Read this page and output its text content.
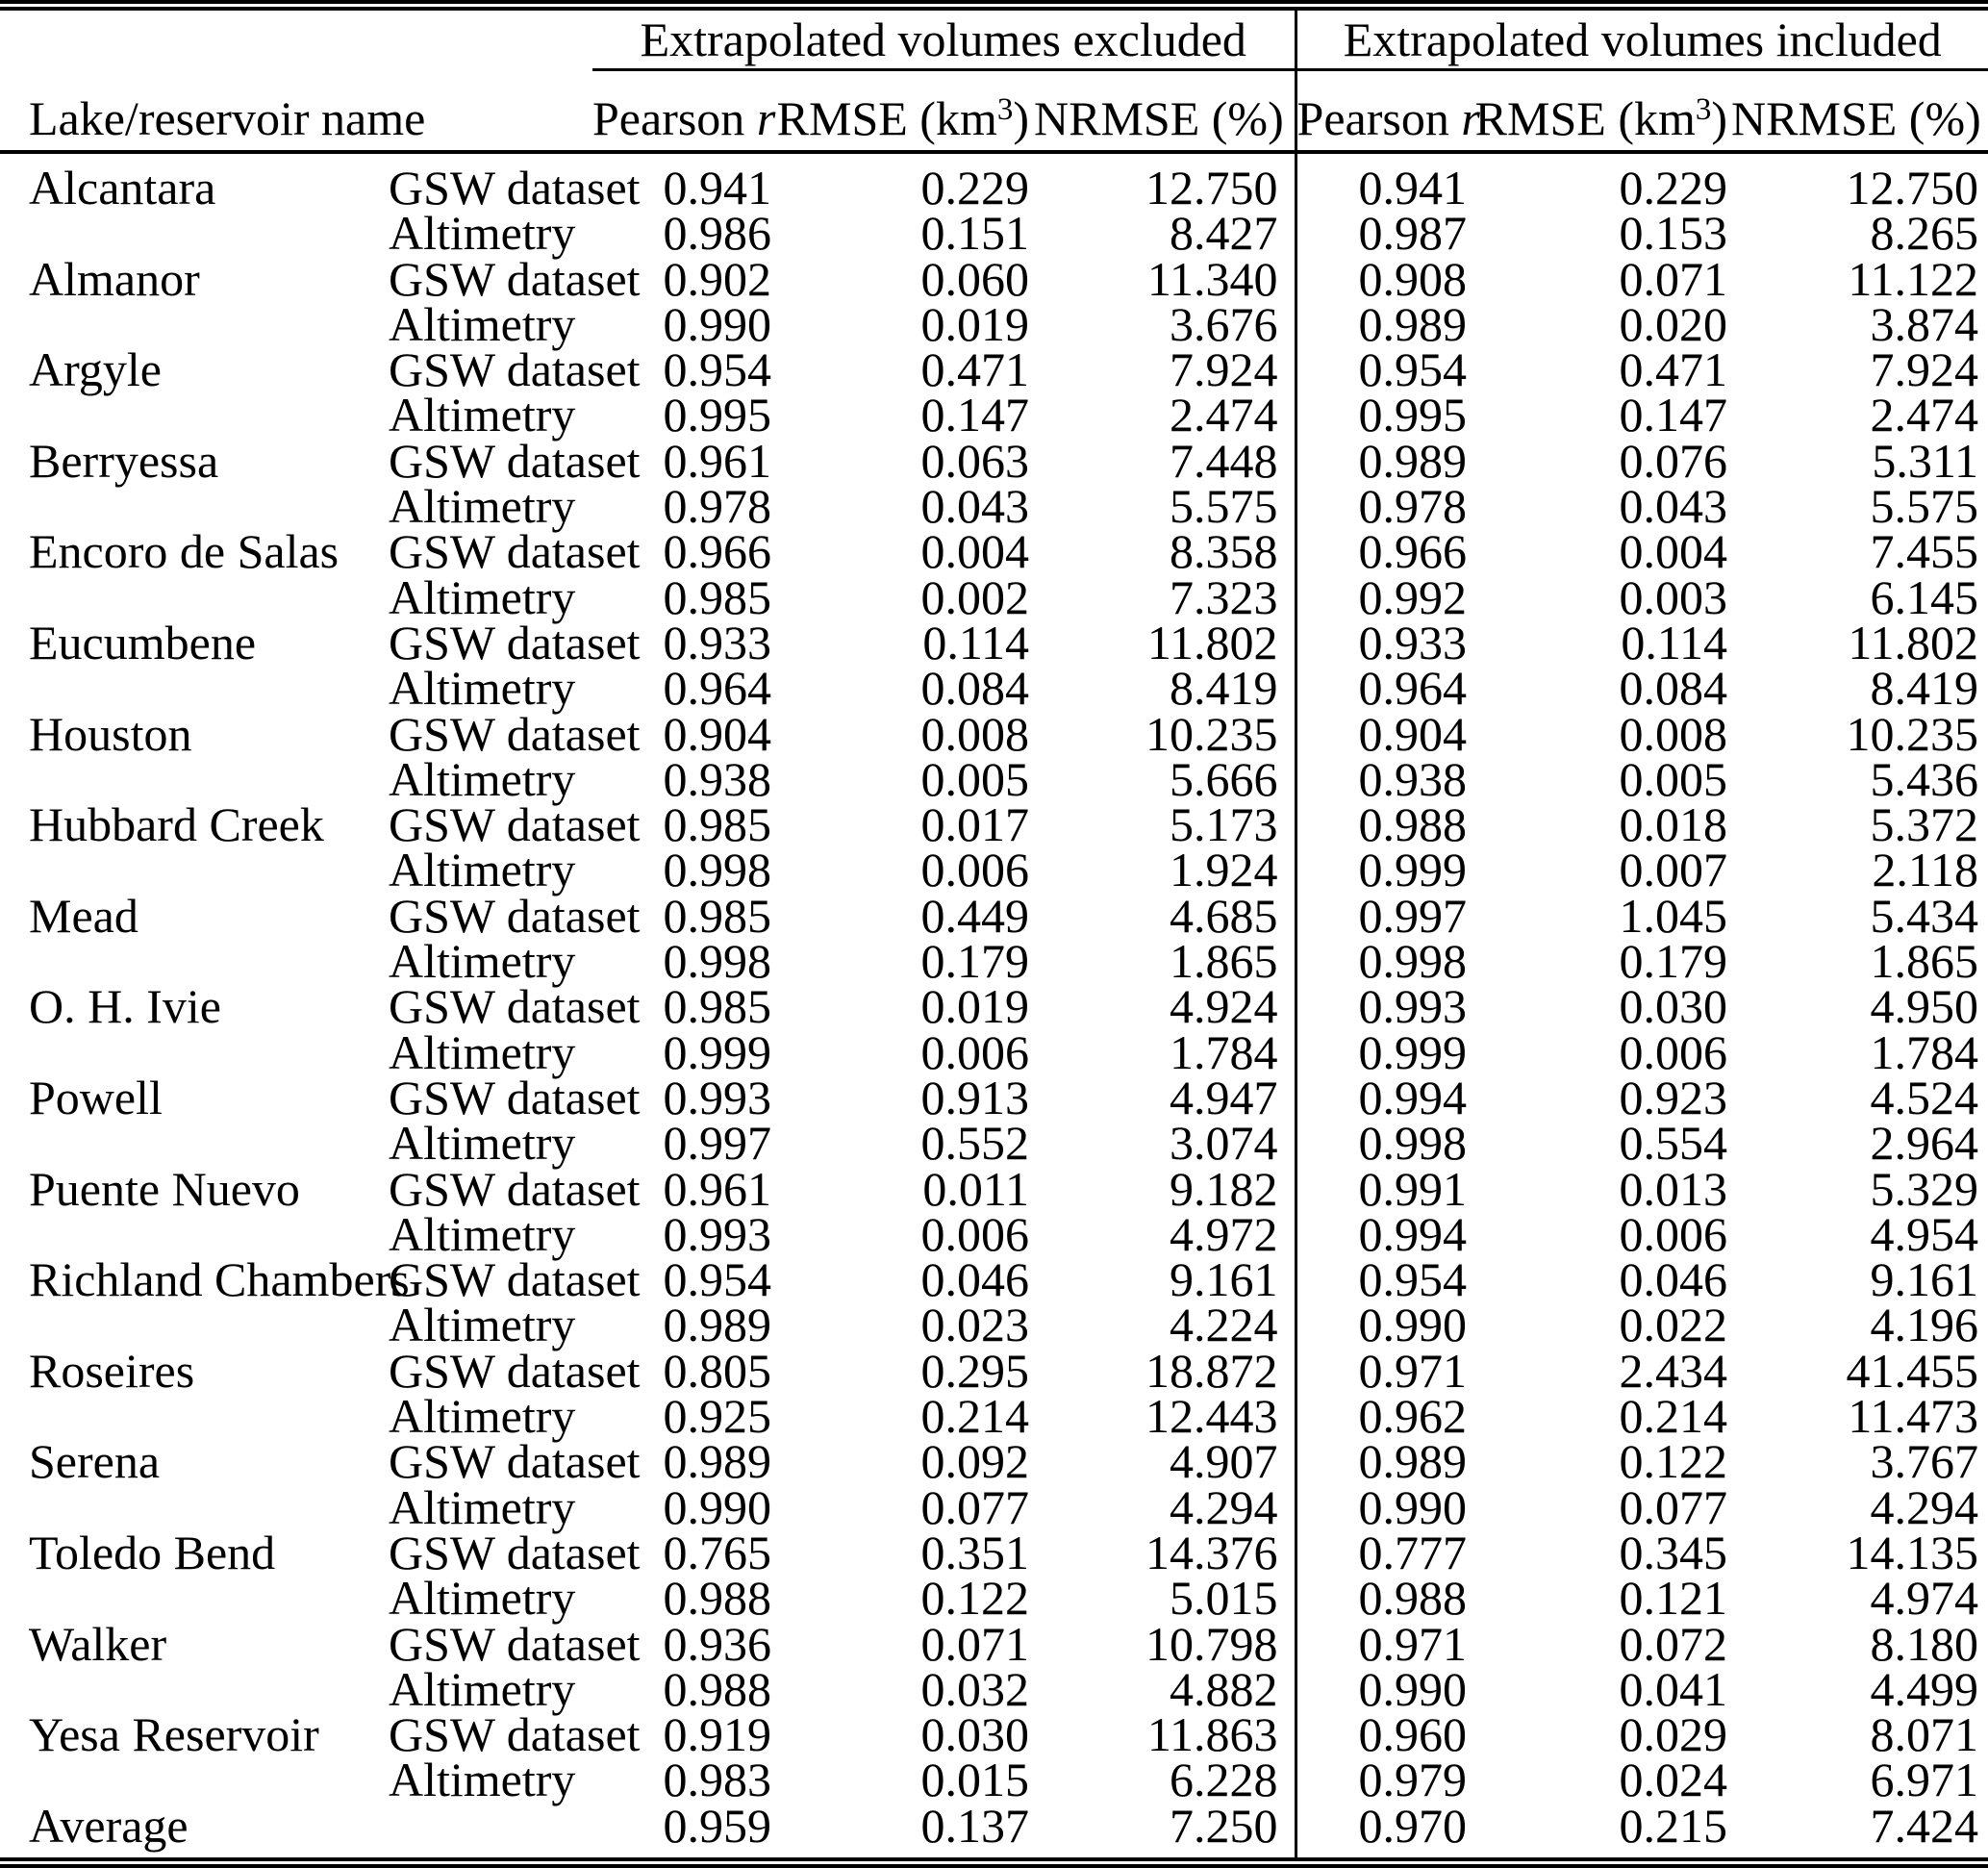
		Extrapolated volumes excluded			Extrapolated volumes included		
Lake/reservoir name		Pearson r	RMSE $(km^3)$	NRMSE (%)	Pearson r	RMSE $(km^3)$	NRMSE (%)
Alcantara	GSW dataset	0.941	0.229	12.750	0.941	0.229	12.750
	Altimetry	0.986	0.151	8.427	0.987	0.153	8.265
Almanor	GSW dataset	0.902	0.060	11.340	0.908	0.071	11.122
	Altimetry	0.990	0.019	3.676	0.989	0.020	3.874
Argyle	GSW dataset	0.954	0.471	7.924	0.954	0.471	7.924
	Altimetry	0.995	0.147	2.474	0.995	0.147	2.474
Berryessa	GSW dataset	0.961	0.063	7.448	0.989	0.076	5.311
	Altimetry	0.978	0.043	5.575	0.978	0.043	5.575
Encoro de Salas	GSW dataset	0.966	0.004	8.358	0.966	0.004	7.455
	Altimetry	0.985	0.002	7.323	0.992	0.003	6.145
Eucumbene	GSW dataset	0.933	0.114	11.802	0.933	0.114	11.802
	Altimetry	0.964	0.084	8.419	0.964	0.084	8.419
Houston	GSW dataset	0.904	0.008	10.235	0.904	0.008	10.235
	Altimetry	0.938	0.005	5.666	0.938	0.005	5.436
Hubbard Creek	GSW dataset	0.985	0.017	5.173	0.988	0.018	5.372
	Altimetry	0.998	0.006	1.924	0.999	0.007	2.118
Mead	GSW dataset	0.985	0.449	4.685	0.997	1.045	5.434
	Altimetry	0.998	0.179	1.865	0.998	0.179	1.865
O. H. Ivie	GSW dataset	0.985	0.019	4.924	0.993	0.030	4.950
	Altimetry	0.999	0.006	1.784	0.999	0.006	1.784
Powell	GSW dataset	0.993	0.913	4.947	0.994	0.923	4.524
	Altimetry	0.997	0.552	3.074	0.998	0.554	2.964
Puente Nuevo	GSW dataset	0.961	0.011	9.182	0.991	0.013	5.329
	Altimetry	0.993	0.006	4.972	0.994	0.006	4.954
Richland Chambers	GSW dataset	0.954	0.046	9.161	0.954	0.046	9.161
	Altimetry	0.989	0.023	4.224	0.990	0.022	4.196
Roseires	GSW dataset	0.805	0.295	18.872	0.971	2.434	41.455
	Altimetry	0.925	0.214	12.443	0.962	0.214	11.473
Serena	GSW dataset	0.989	0.092	4.907	0.989	0.122	3.767
	Altimetry	0.990	0.077	4.294	0.990	0.077	4.294
Toledo Bend	GSW dataset	0.765	0.351	14.376	0.777	0.345	14.135
	Altimetry	0.988	0.122	5.015	0.988	0.121	4.974
Walker	GSW dataset	0.936	0.071	10.798	0.971	0.072	8.180
	Altimetry	0.988	0.032	4.882	0.990	0.041	4.499
Yesa Reservoir	GSW dataset	0.919	0.030	11.863	0.960	0.029	8.071
	Altimetry	0.983	0.015	6.228	0.979	0.024	6.971
Average		0.959	0.137	7.250	0.970	0.215	7.424
